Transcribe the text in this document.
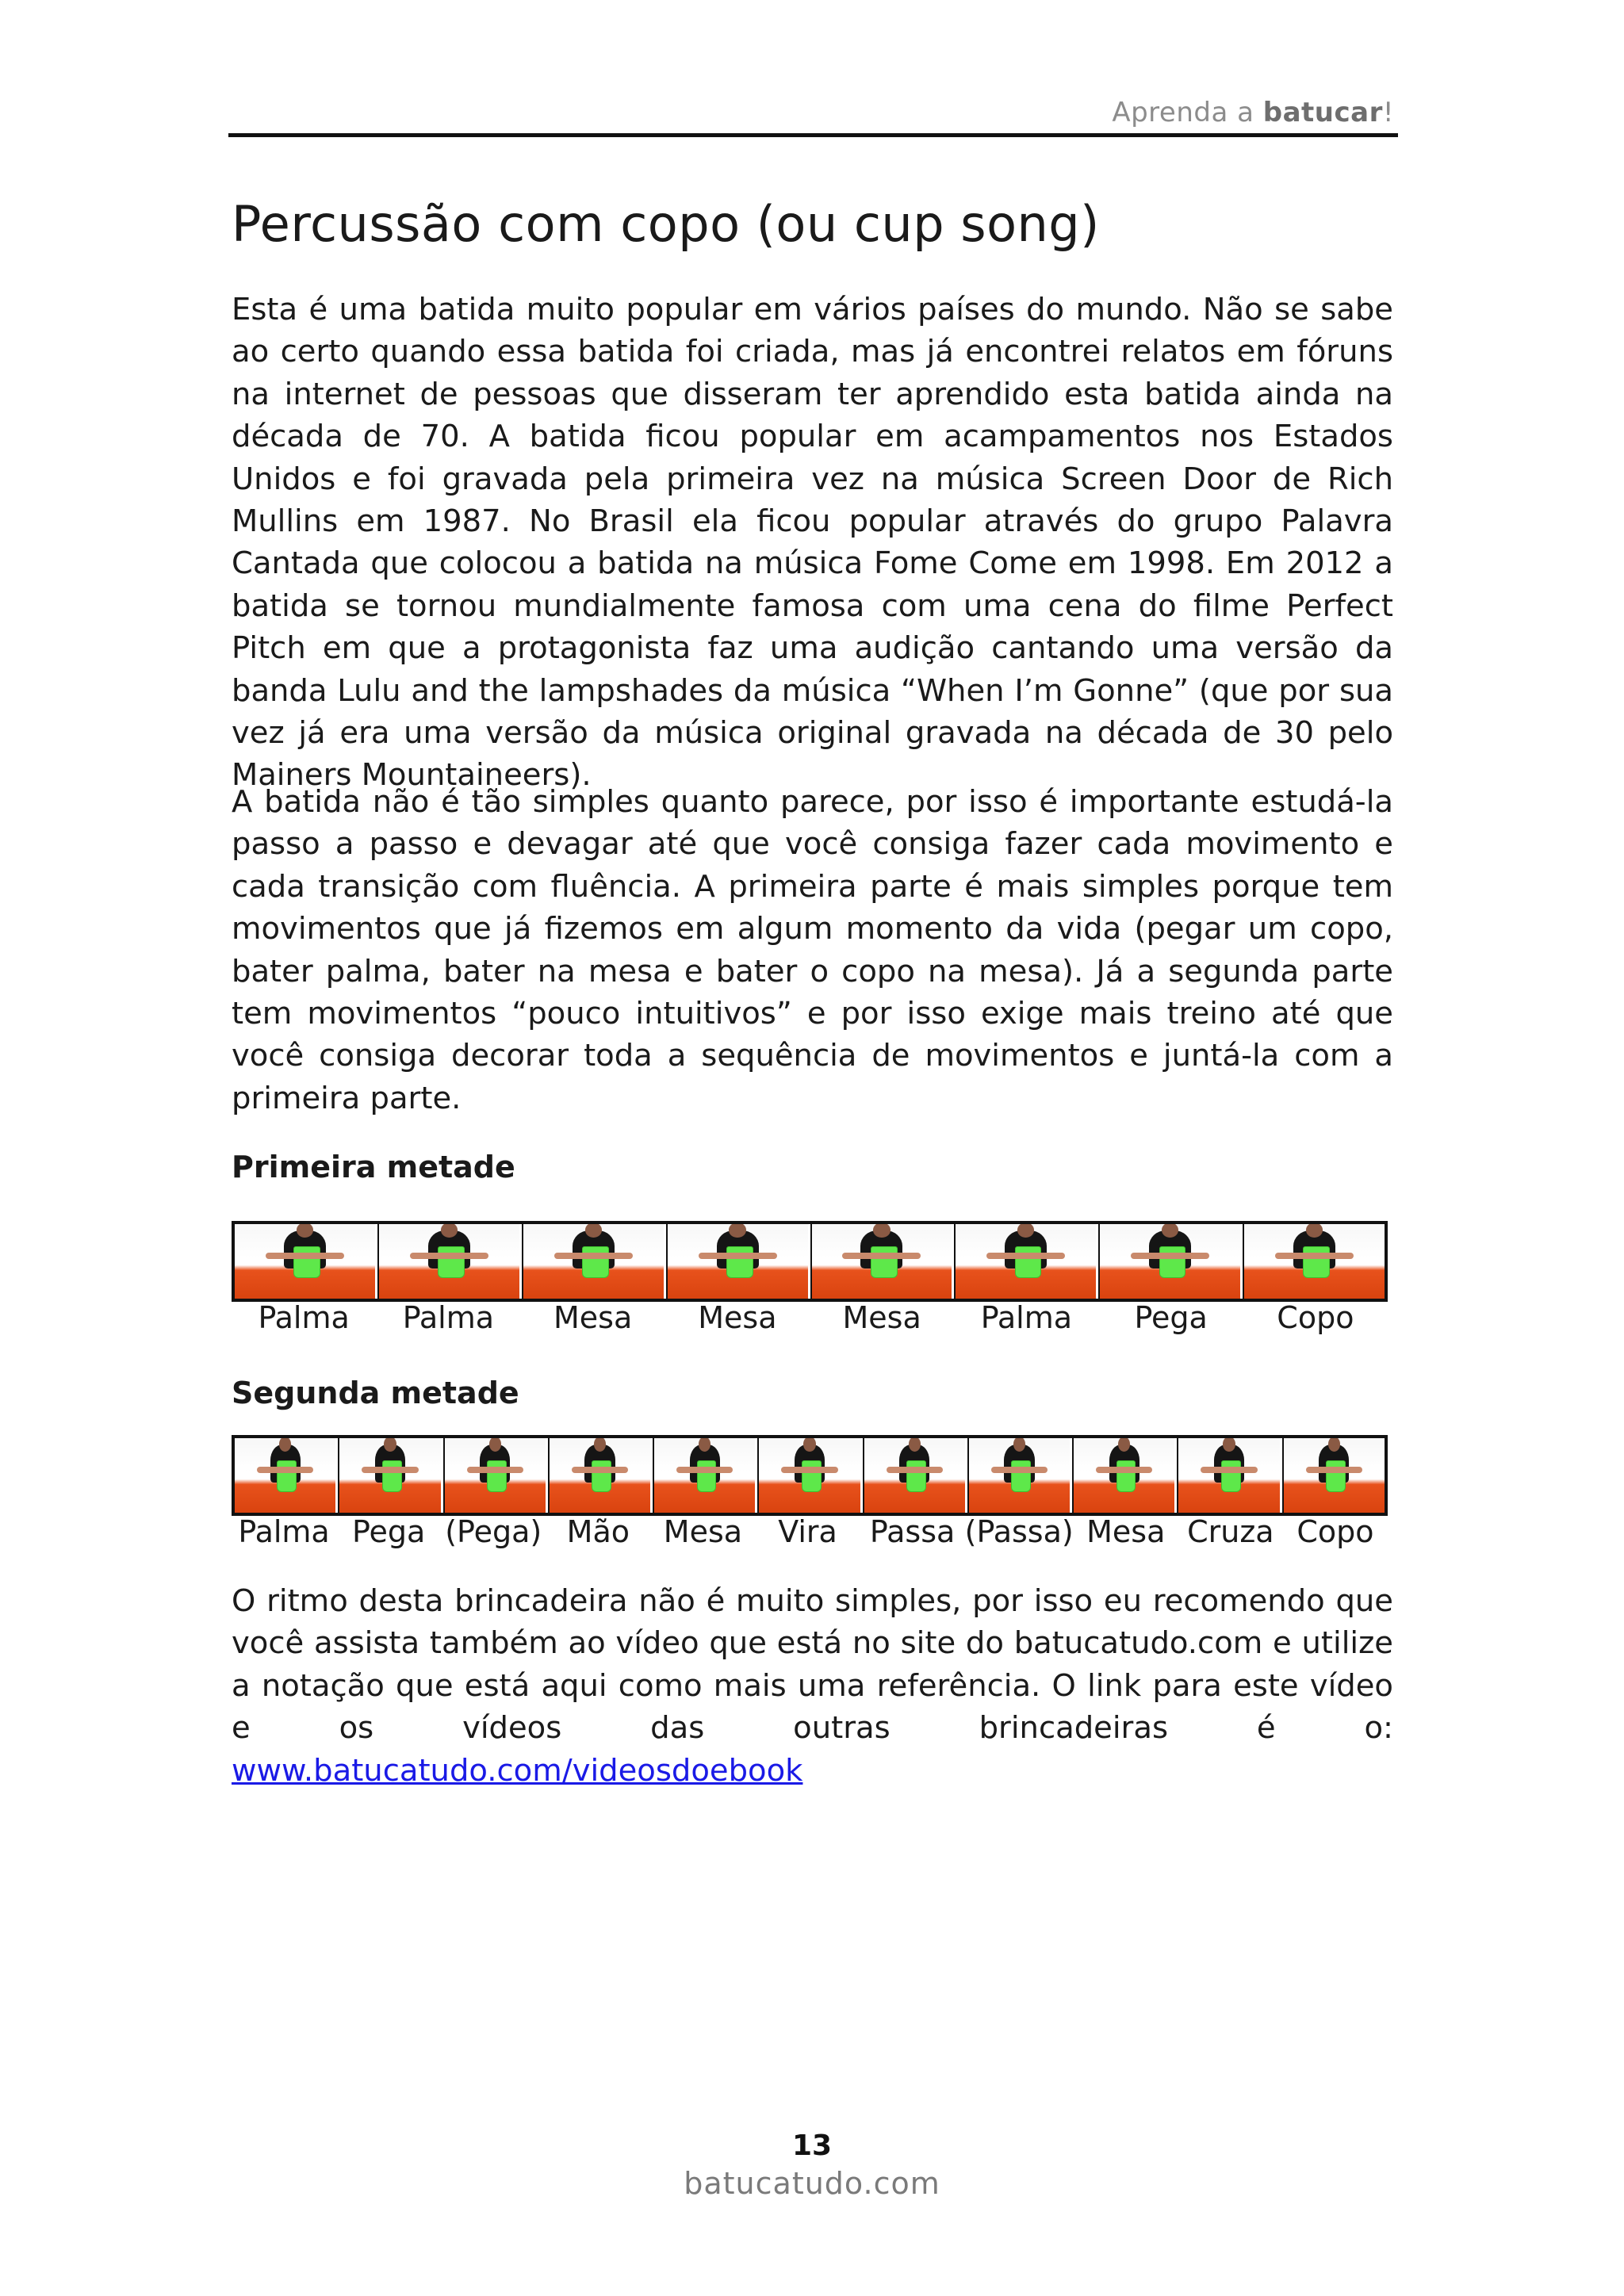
Aprenda a batucar!
Percussão com copo (ou cup song)

Esta é uma batida muito popular em vários países do mundo. Não se sabe ao certo quando essa batida foi criada, mas já encontrei relatos em fóruns na internet de pessoas que disseram ter aprendido esta batida ainda na década de 70. A batida ficou popular em acampamentos nos Estados Unidos e foi gravada pela primeira vez na música Screen Door de Rich Mullins em 1987. No Brasil ela ficou popular através do grupo Palavra Cantada que colocou a batida na música Fome Come em 1998. Em 2012 a batida se tornou mundialmente famosa com uma cena do filme Perfect Pitch em que a protagonista faz uma audição cantando uma versão da banda Lulu and the lampshades da música “When I’m Gonne” (que por sua vez já era uma versão da música original gravada na década de 30 pelo Mainers Mountaineers).

A batida não é tão simples quanto parece, por isso é importante estudá-la passo a passo e devagar até que você consiga fazer cada movimento e cada transição com fluência. A primeira parte é mais simples porque tem movimentos que já fizemos em algum momento da vida (pegar um copo, bater palma, bater na mesa e bater o copo na mesa). Já a segunda parte tem movimentos “pouco intuitivos” e por isso exige mais treino até que você consiga decorar toda a sequência de movimentos e juntá-la com a primeira parte.

Primeira metade
Palma	Palma	Mesa	Mesa	Mesa	Palma	Pega	Copo
Segunda metade
Palma Pega (Pega) Mão	Mesa	Vira	Passa (Passa) Mesa Cruza Copo

O ritmo desta brincadeira não é muito simples, por isso eu recomendo que você assista também ao vídeo que está no site do batucatudo.com e utilize a notação que está aqui como mais uma referência. O link para este vídeo e os vídeos das outras brincadeiras é o: www.batucatudo.com/videosdoebook

13
batucatudo.com
